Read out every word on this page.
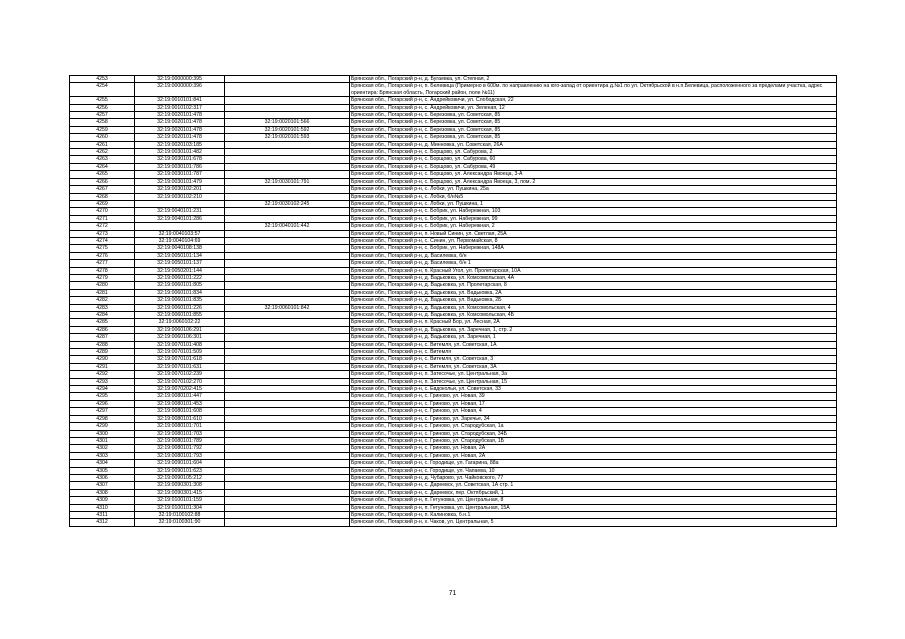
4253	32:19:0000000:395		Брянская обл., Погарский р-н, д. Бугаевка, ул. Степная, 2
4254	32:19:0000000:396		Брянская обл., Погарский р-н, п. Белевица (Примерно в 600м. по направлению на юго-запад от ориентира д.№1 по ул. Октябрьской в н.п.Белевица, расположенного за пределами участка, адрес ориентира: Брянская область, Погарский район, поле №11)
4255	32:19:0010101:841		Брянская обл., Погарский р-н, с. Андрейковичи, ул. Слободская, 22
4256	32:19:0010102:317		Брянская обл., Погарский р-н, с. Андрейковичи, ул. Зеленая, 12
4257	32:19:0020101:478		Брянская обл., Погарский р-н, с. Березовка, ул. Советская, 85
4258	32:19:0020101:478	32:19:0020101:566	Брянская обл., Погарский р-н, с. Березовка, ул. Советская, 85
4259	32:19:0020101:478	32:19:0020101:592	Брянская обл., Погарский р-н, с. Березовка, ул. Советская, 85
4260	32:19:0020101:478	32:19:0020101:593	Брянская обл., Погарский р-н, с. Березовка, ул. Советская, 85
4261	32:19:0020103:185		Брянская обл., Погарский р-н, д. Минновка, ул. Советская, 26А
4262	32:19:0030101:482		Брянская обл., Погарский р-н, с. Борщово, ул. Сабурова, 2
4263	32:19:0030101:678		Брянская обл., Погарский р-н, с. Борщово, ул. Сабурова, 60
4264	32:19:0030101:786		Брянская обл., Погарский р-н, с. Борщово, ул. Сабурова, 49
4265	32:19:0030101:787		Брянская обл., Погарский р-н, с. Борщово, ул. Александра Явоеца, 3-А
4266	32:19:0030101:479	32:19:0030101:791	Брянская обл., Погарский р-н, с. Борщово, ул. Александра Явоеца, 3, пом. 2
4267	32:19:0030102:201		Брянская обл., Погарский р-н, с. Лобки, ул. Пушкина, 25а
4268	32:19:0030102:210		Брянская обл., Погарский р-н, с. Лобки, б/н№5
4269		32:19:0030102:245	Брянская обл., Погарский р-н, с. Лобки, ул. Пушкина, 1
4270	32:19:0040101:231		Брянская обл., Погарский р-н, с. Бобрик, ул. Набережная, 103
4271	32:19:0040101:286		Брянская обл., Погарский р-н, с. Бобрик, ул. Набережная, 99
4272		32:19:0040101:442	Брянская обл., Погарский р-н, с. Бобрик, ул. Набережная, 2
4273	32:19:0040103:57		Брянская обл., Погарский р-н, п. Новый Синин, ул. Светлая, 25А
4274	32:19:0040104:69		Брянская обл., Погарский р-н, с. Синин, ул. Первомайская, 8
4275	32:19:0040108:138		Брянская обл., Погарский р-н, с. Бобрик, ул. Набережная, 148А
4276	32:19:0050101:134		Брянская обл., Погарский р-н, д. Василевка, б/н
4277	32:19:0050101:137		Брянская обл., Погарский р-н, д. Василевка, б/н 1
4278	32:19:0050201:144		Брянская обл., Погарский р-н, п. Красный Угол, ул. Пролетарская, 10А
4279	32:19:0060101:222		Брянская обл., Погарский р-н, д. Вадьковка, ул. Комсомольская, 4А
4280	32:19:0060101:805		Брянская обл., Погарский р-н, д. Вадьковка, ул. Пролетарская, 8
4281	32:19:0060101:834		Брянская обл., Погарский р-н, д. Вадьковка, ул. Вадьковка, 2А
4282	32:19:0060101:835		Брянская обл., Погарский р-н, д. Вадьковка, ул. Вадьковка, 2Б
4283	32:19:0060101:226	32:19:0060101:842	Брянская обл., Погарский р-н, д. Вадьковка, ул. Комсомольская, 4
4284	32:19:0060101:855		Брянская обл., Погарский р-н, д. Вадьковка, ул. Комсомольская, 4Б
4285	32:19:0060102:22		Брянская обл., Погарский р-н, п. Красный Бор, ул. Лесная, 2А
4286	32:19:0060106:291		Брянская обл., Погарский р-н, д. Вадьковка, ул. Заречная, 1, стр. 2
4287	32:19:0060106:301		Брянская обл., Погарский р-н, д. Вадьковка, ул. Заречная, 1
4288	32:19:0070101:408		Брянская обл., Погарский р-н, с. Витемля, ул. Советская, 1А
4289	32:19:0070101:509		Брянская обл., Погарский р-н, с. Витемля
4290	32:19:0070101:618		Брянская обл., Погарский р-н, с. Витемля, ул. Советская, 3
4291	32:19:0070101:631		Брянская обл., Погарский р-н, с. Витемля, ул. Советская, 3А
4292	32:19:0070102:239		Брянская обл., Погарский р-н, п. Затесочье, ул. Центральная, 3а
4293	32:19:0070102:270		Брянская обл., Погарский р-н, п. Затесочье, ул. Центральная, 15
4294	32:19:0070202:415		Брянская обл., Погарский р-н, с. Евдокольи, ул. Советская, 33
4295	32:19:0080101:447		Брянская обл., Погарский р-н, с. Гриново, ул. Новая, 39
4296	32:19:0080101:453		Брянская обл., Погарский р-н, с. Гриново, ул. Новая, 17
4297	32:19:0080101:608		Брянская обл., Погарский р-н, с. Гриново, ул. Новая, 4
4298	32:19:0080101:610		Брянская обл., Погарский р-н, с. Гриново, ул. Заречье, 34
4299	32:19:0080101:701		Брянская обл., Погарский р-н, с. Гриново, ул. Стародубская, 1а
4300	32:19:0080101:703		Брянская обл., Погарский р-н, с. Гриново, ул. Стародубская, 34Б
4301	32:19:0080101:789		Брянская обл., Погарский р-н, с. Гриново, ул. Стародубская, 1Б
4302	32:19:0080101:792		Брянская обл., Погарский р-н, с. Гриново, ул. Новая, 2А
4303	32:19:0080101:793		Брянская обл., Погарский р-н, с. Гриново, ул. Новая, 2А
4304	32:19:0090101:604		Брянская обл., Погарский р-н, с. Городище, ул. Гагарина, 88а
4305	32:19:0090101:623		Брянская обл., Погарский р-н, с. Городище, ул. Чапаева, 10
4306	32:19:0090105:212		Брянская обл., Погарский р-н, д. Чубарово, ул. Чайковского, 77
4307	32:19:0090301:308		Брянская обл., Погарский р-н, с. Дареевск, ул. Советская, 1А стр. 1
4308	32:19:0090301:415		Брянская обл., Погарский р-н, с. Дареевск, пер. Октябрьский, 1
4309	32:19:0100101:159		Брянская обл., Погарский р-н, п. Гетуновка, ул. Центральная, 8
4310	32:19:0100101:304		Брянская обл., Погарский р-н, п. Гетуновка, ул. Центральная, 15А
4311	32:19:0100102:88		Брянская обл., Погарский р-н, п. Калиновка, б.н.1
4312	32:19:0100301:90		Брянская обл., Погарский р-н, х. Чаков, ул. Центральная, 5
71
